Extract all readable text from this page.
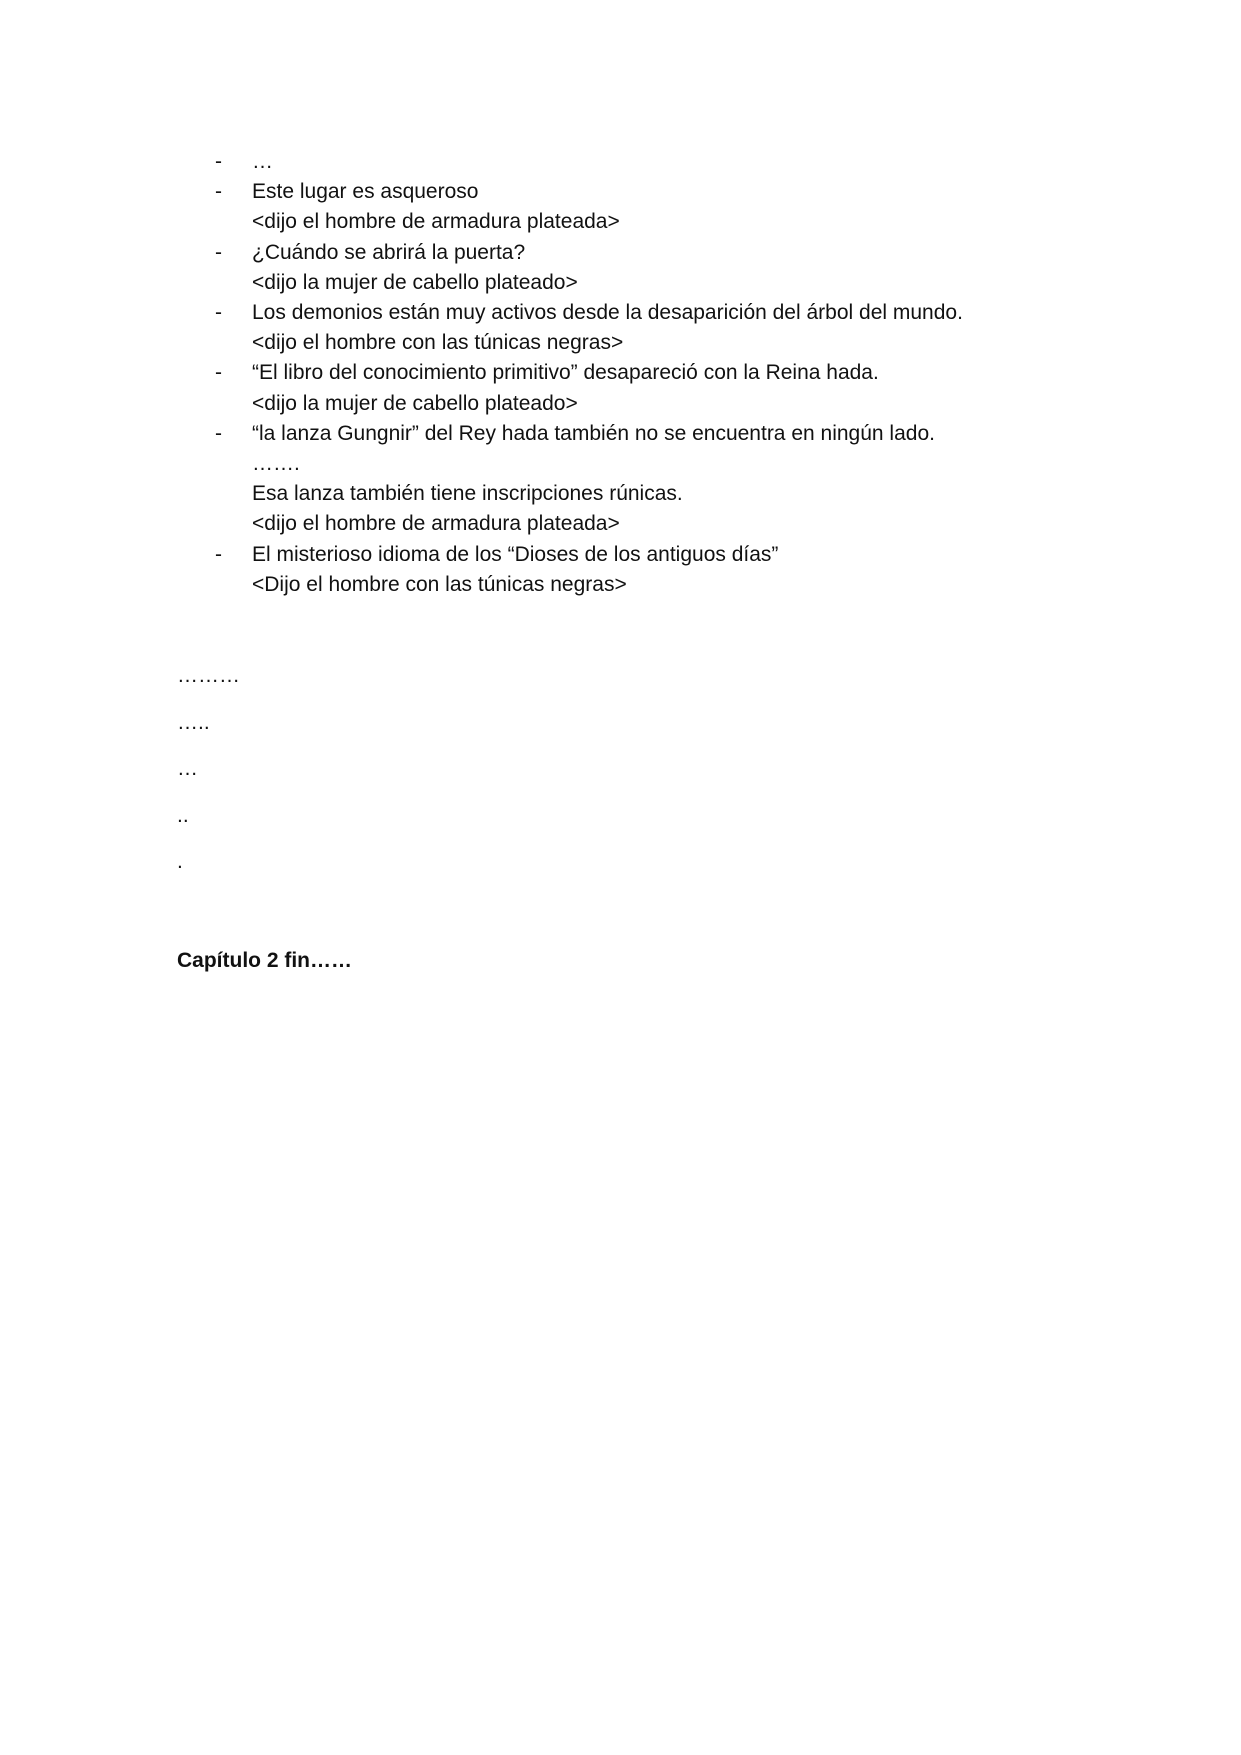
- …
- Este lugar es asqueroso
<dijo el hombre de armadura plateada>
- ¿Cuándo se abrirá la puerta?
<dijo la mujer de cabello plateado>
- Los demonios están muy activos desde la desaparición del árbol del mundo.
<dijo el hombre con las túnicas negras>
- “El libro del conocimiento primitivo” desapareció con la Reina hada.
<dijo la mujer de cabello plateado>
- “la lanza Gungnir” del Rey hada también no se encuentra en ningún lado.
…….
Esa lanza también tiene inscripciones rúnicas.
<dijo el hombre de armadura plateada>
- El misterioso idioma de los “Dioses de los antiguos días”
<Dijo el hombre con las túnicas negras>
………
…..
…
..
.
Capítulo 2 fin……
